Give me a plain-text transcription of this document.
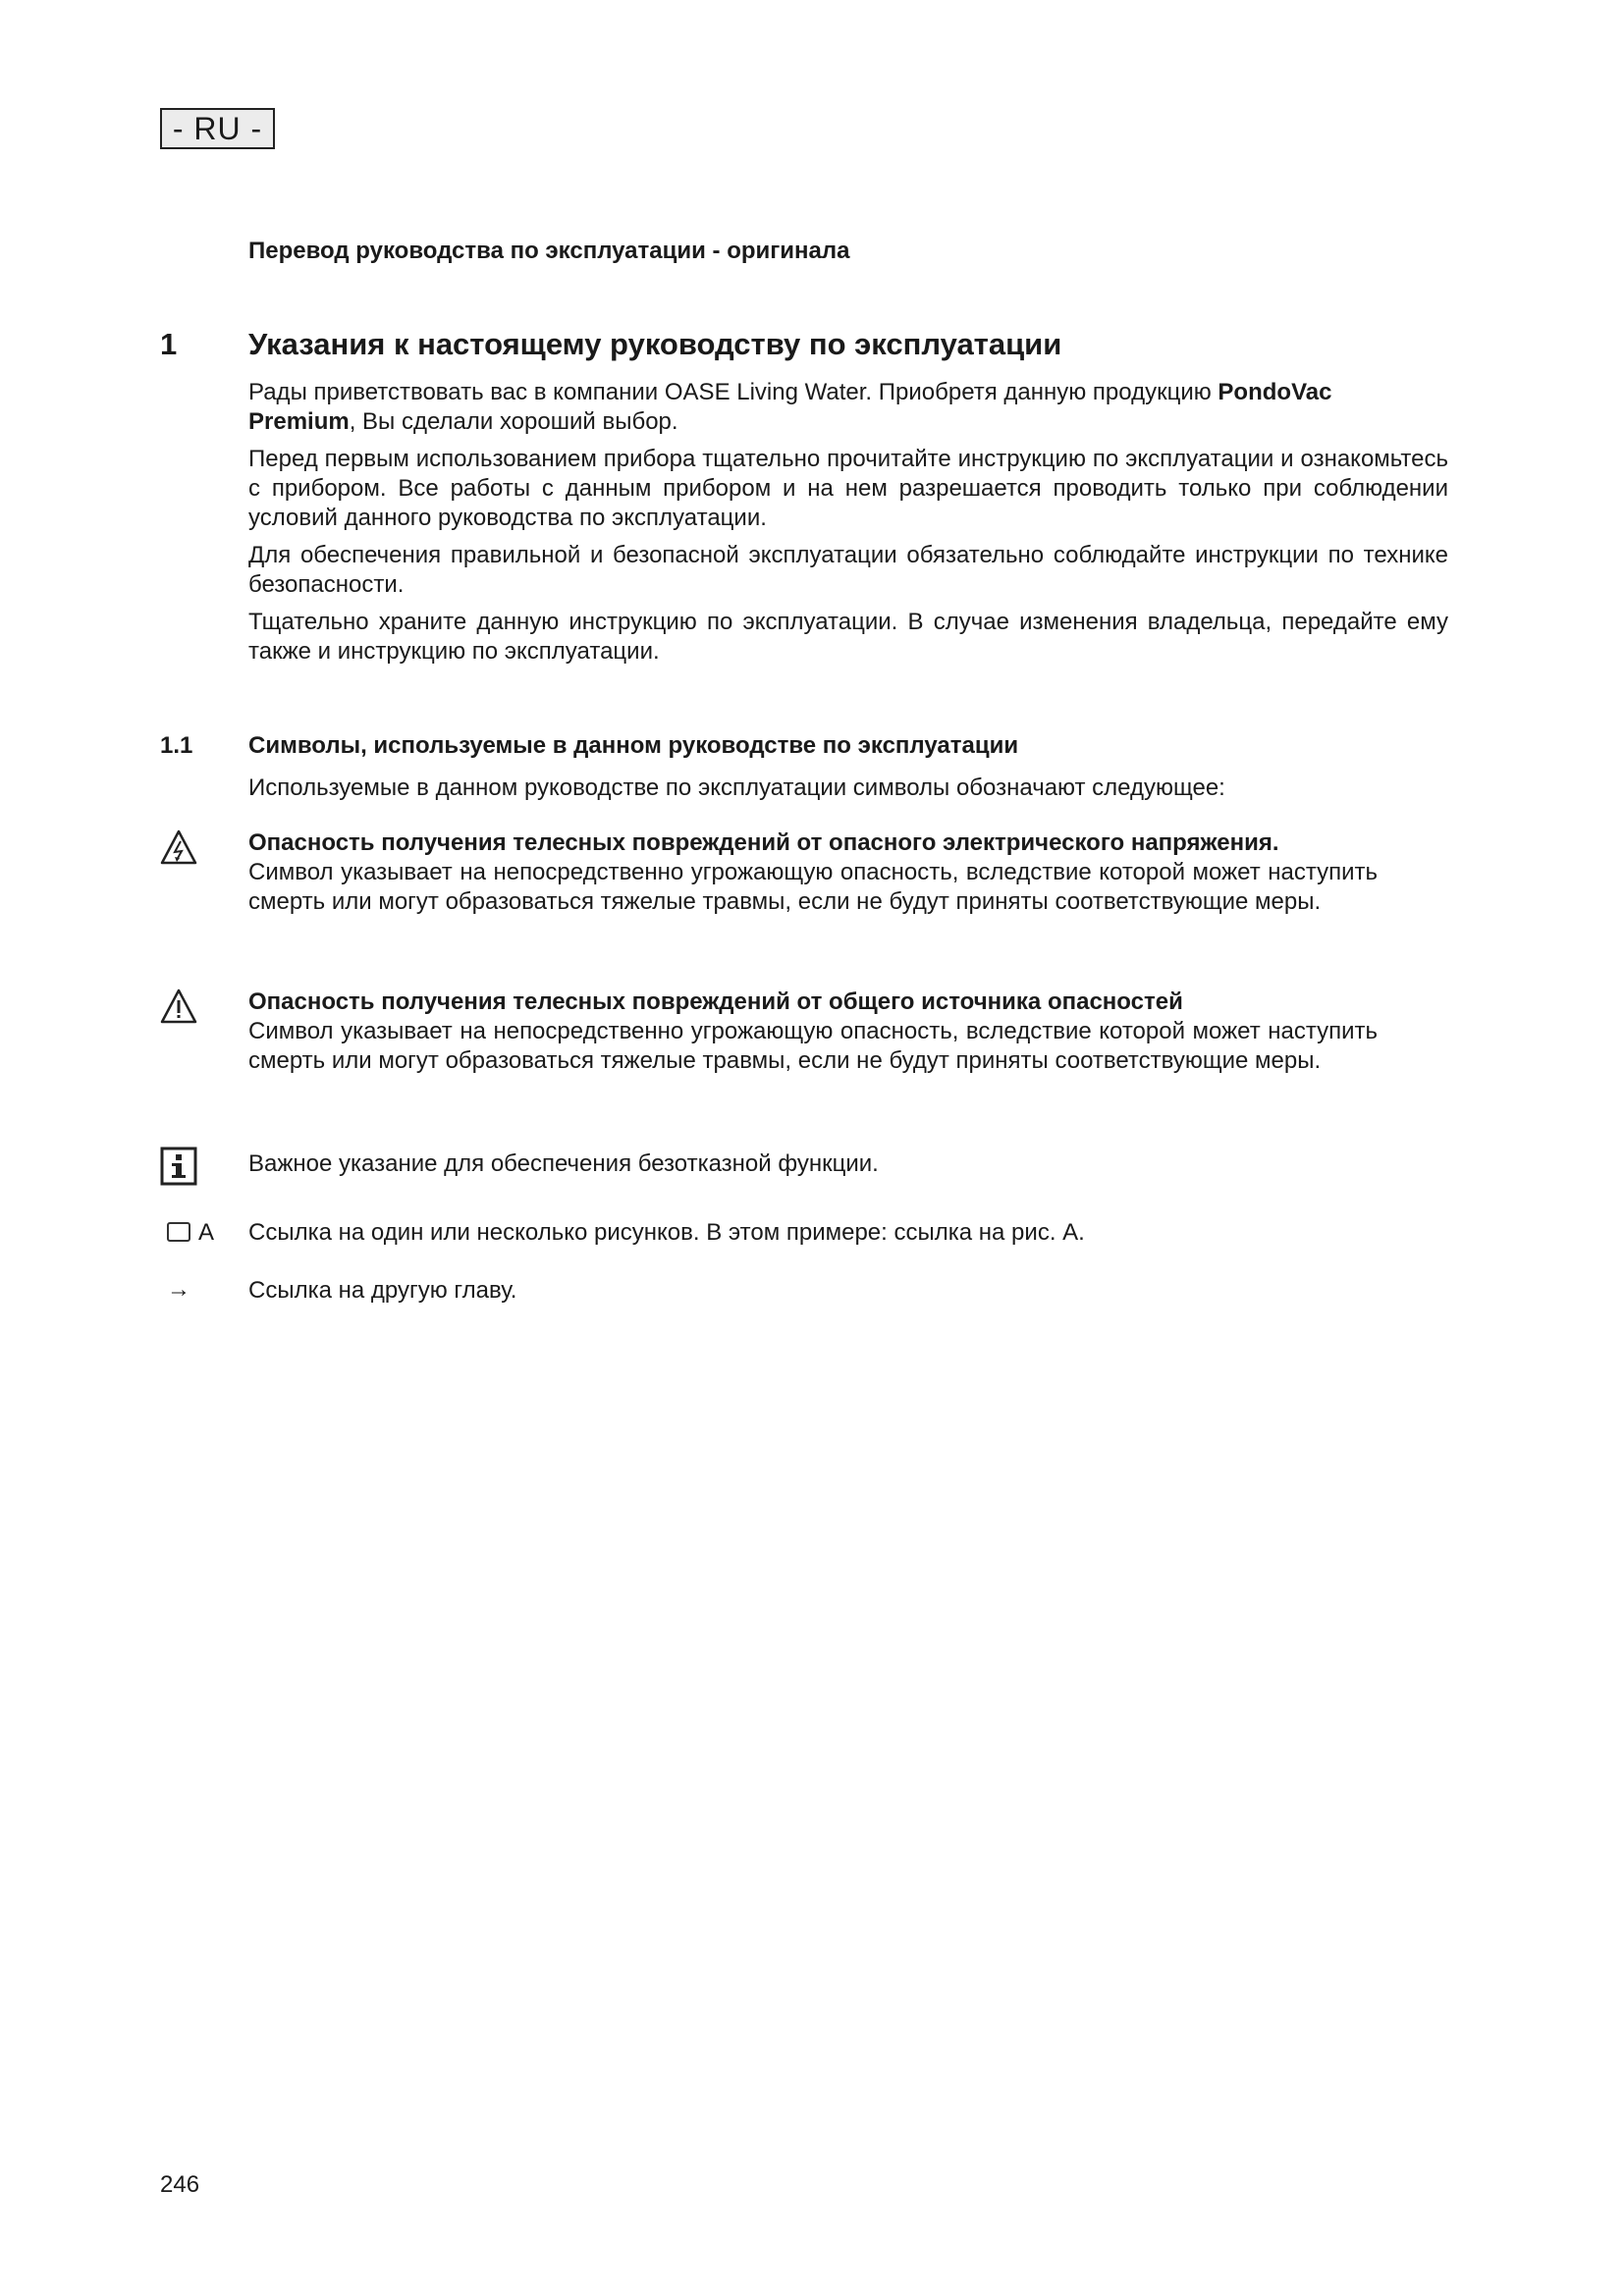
- RU -
Перевод руководства по эксплуатации - оригинала
1 Указания к настоящему руководству по эксплуатации

Рады приветствовать вас в компании OASE Living Water. Приобретя данную продукцию PondoVac
Premium, Вы сделали хороший выбор.

Перед первым использованием прибора тщательно прочитайте инструкцию по эксплуатации и ознакомьтесь с прибором. Все работы с данным прибором и на нем разрешается проводить только при соблюдении условий данного руководства по эксплуатации.

Для обеспечения правильной и безопасной эксплуатации обязательно соблюдайте инструкции по технике безопасности.

Тщательно храните данную инструкцию по эксплуатации. В случае изменения владельца, передайте ему также и инструкцию по эксплуатации.

1.1 Символы, используемые в данном руководстве по эксплуатации
Используемые в данном руководстве по эксплуатации символы обозначают следующее:

Опасность получения телесных повреждений от опасного электрического напряжения.

Символ указывает на непосредственно угрожающую опасность, вследствие которой может наступить смерть или могут образоваться тяжелые травмы, если не будут приняты соответствующие меры.

Опасность получения телесных повреждений от общего источника опасностей

Символ указывает на непосредственно угрожающую опасность, вследствие которой может наступить смерть или могут образоваться тяжелые травмы, если не будут приняты соответствующие меры.

Важное указание для обеспечения безотказной функции.
A Ссылка на один или несколько рисунков. В этом примере: ссылка на рис. А.
→ Ссылка на другую главу.
246
